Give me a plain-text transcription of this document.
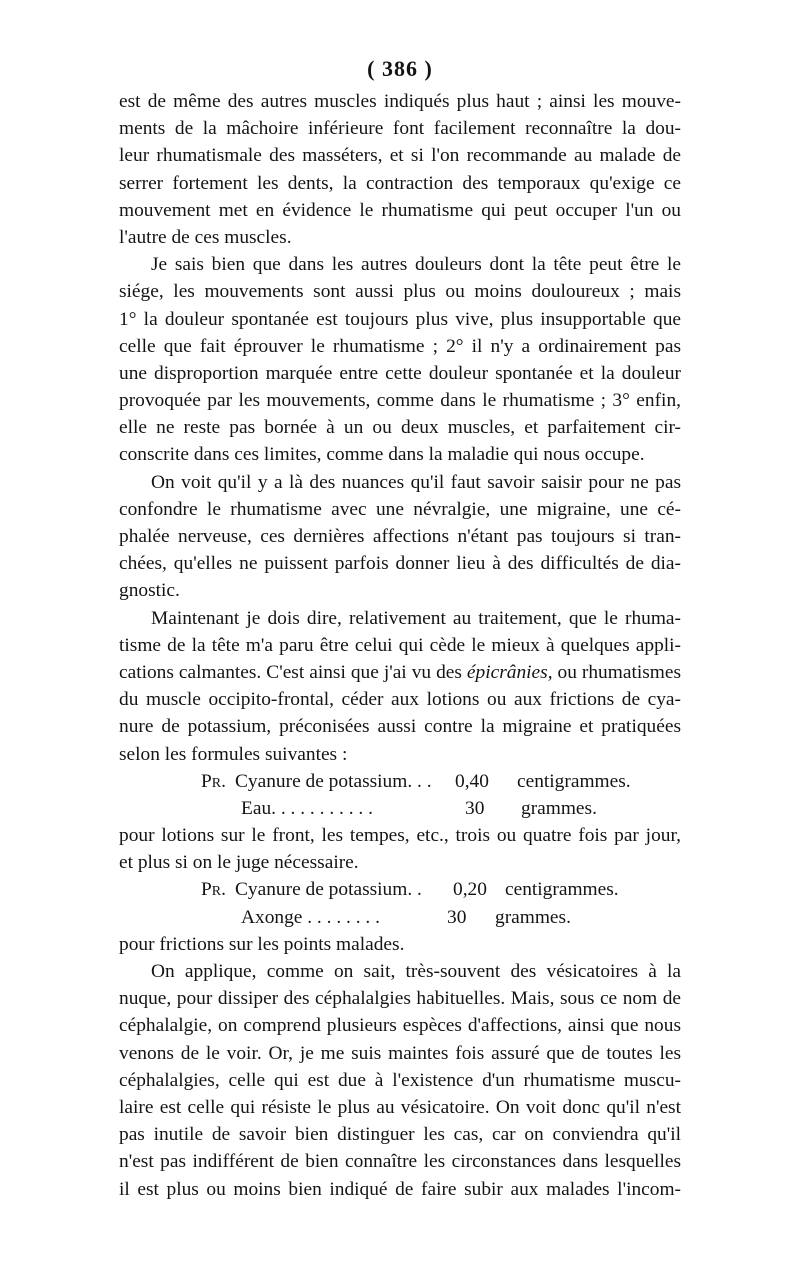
( 386 )
est de même des autres muscles indiqués plus haut ; ainsi les mouve-
ments de la mâchoire inférieure font facilement reconnaître la dou-
leur rhumatismale des masséters, et si l'on recommande au malade de
serrer fortement les dents, la contraction des temporaux qu'exige ce
mouvement met en évidence le rhumatisme qui peut occuper l'un ou
l'autre de ces muscles.
Je sais bien que dans les autres douleurs dont la tête peut être le
siége, les mouvements sont aussi plus ou moins douloureux ; mais
1° la douleur spontanée est toujours plus vive, plus insupportable que
celle que fait éprouver le rhumatisme ; 2° il n'y a ordinairement pas
une disproportion marquée entre cette douleur spontanée et la douleur
provoquée par les mouvements, comme dans le rhumatisme ; 3° enfin,
elle ne reste pas bornée à un ou deux muscles, et parfaitement cir-
conscrite dans ces limites, comme dans la maladie qui nous occupe.
On voit qu'il y a là des nuances qu'il faut savoir saisir pour ne pas
confondre le rhumatisme avec une névralgie, une migraine, une cé-
phalée nerveuse, ces dernières affections n'étant pas toujours si tran-
chées, qu'elles ne puissent parfois donner lieu à des difficultés de dia-
gnostic.
Maintenant je dois dire, relativement au traitement, que le rhuma-
tisme de la tête m'a paru être celui qui cède le mieux à quelques appli-
cations calmantes. C'est ainsi que j'ai vu des épicrânies, ou rhumatismes
du muscle occipito-frontal, céder aux lotions ou aux frictions de cya-
nure de potassium, préconisées aussi contre la migraine et pratiquées
selon les formules suivantes :
Pr. Cyanure de potassium. . .	0,40	centigrammes.
Eau. . . . . . . . . . .	30	grammes.
pour lotions sur le front, les tempes, etc., trois ou quatre fois par jour,
et plus si on le juge nécessaire.
Pr. Cyanure de potassium. .	0,20 centigrammes.
Axonge . . . . . . . .	30	grammes.
pour frictions sur les points malades.
On applique, comme on sait, très-souvent des vésicatoires à la
nuque, pour dissiper des céphalalgies habituelles. Mais, sous ce nom de
céphalalgie, on comprend plusieurs espèces d'affections, ainsi que nous
venons de le voir. Or, je me suis maintes fois assuré que de toutes les
céphalalgies, celle qui est due à l'existence d'un rhumatisme muscu-
laire est celle qui résiste le plus au vésicatoire. On voit donc qu'il n'est
pas inutile de savoir bien distinguer les cas, car on conviendra qu'il
n'est pas indifférent de bien connaître les circonstances dans lesquelles
il est plus ou moins bien indiqué de faire subir aux malades l'incom-
